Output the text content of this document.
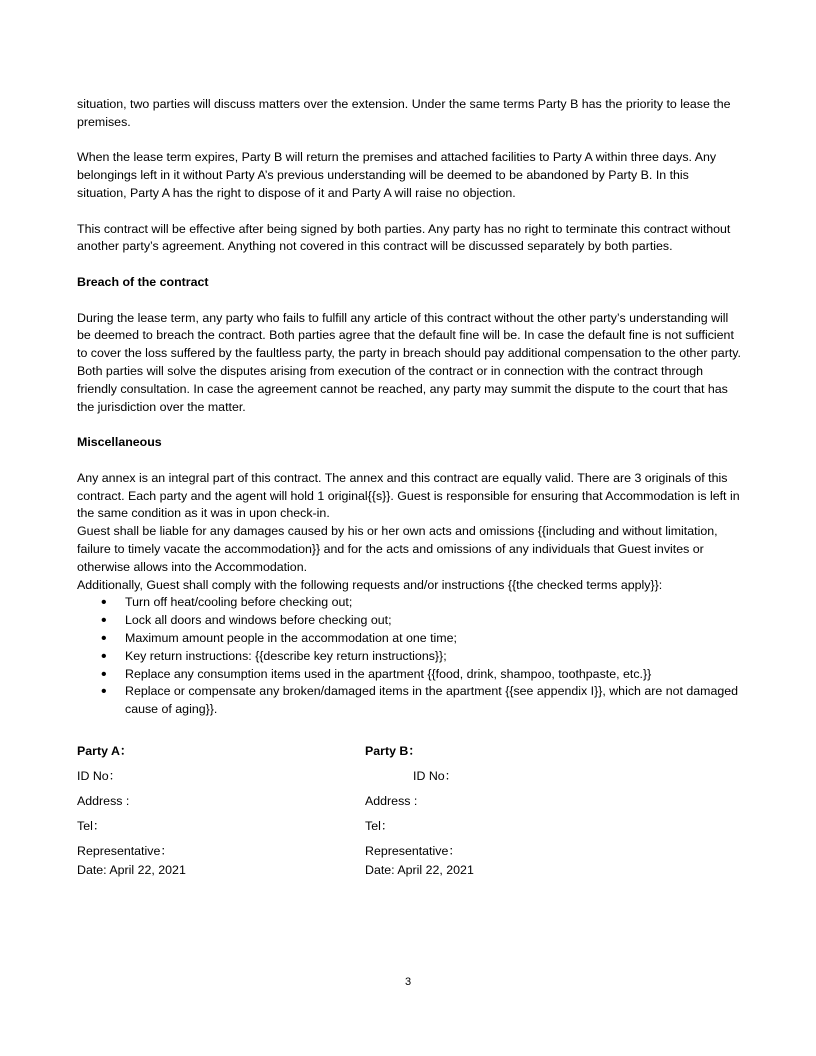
situation, two parties will discuss matters over the extension. Under the same terms Party B has the priority to lease the premises.

When the lease term expires, Party B will return the premises and attached facilities to Party A within three days. Any belongings left in it without Party A’s previous understanding will be deemed to be abandoned by Party B. In this situation, Party A has the right to dispose of it and Party A will raise no objection.

This contract will be effective after being signed by both parties. Any party has no right to terminate this contract without another party’s agreement. Anything not covered in this contract will be discussed separately by both parties.

Breach of the contract

During the lease term, any party who fails to fulfill any article of this contract without the other party’s understanding will be deemed to breach the contract. Both parties agree that the default fine will be. In case the default fine is not sufficient to cover the loss suffered by the faultless party, the party in breach should pay additional compensation to the other party.

Both parties will solve the disputes arising from execution of the contract or in connection with the contract through friendly consultation. In case the agreement cannot be reached, any party may summit the dispute to the court that has the jurisdiction over the matter.

Miscellaneous

Any annex is an integral part of this contract. The annex and this contract are equally valid. There are 3 originals of this contract. Each party and the agent will hold 1 original{{s}}. Guest is responsible for ensuring that Accommodation is left in the same condition as it was in upon check-in.

Guest shall be liable for any damages caused by his or her own acts and omissions {{including and without limitation, failure to timely vacate the accommodation}} and for the acts and omissions of any individuals that Guest invites or otherwise allows into the Accommodation.

Additionally, Guest shall comply with the following requests and/or instructions {{the checked terms apply}}:

• Turn off heat/cooling before checking out;
• Lock all doors and windows before checking out;
• Maximum amount people in the accommodation at one time;
• Key return instructions: {{describe key return instructions}};
• Replace any consumption items used in the apartment {{food, drink, shampoo, toothpaste, etc.}}
• Replace or compensate any broken/damaged items in the apartment {{see appendix I}}, which are not damaged cause of aging}}.
Party A：	Party B：
ID No：	ID No：
Address :	Address :
Tel：	Tel：
Representative：	Representative：
Date: April 22, 2021	Date: April 22, 2021
3
